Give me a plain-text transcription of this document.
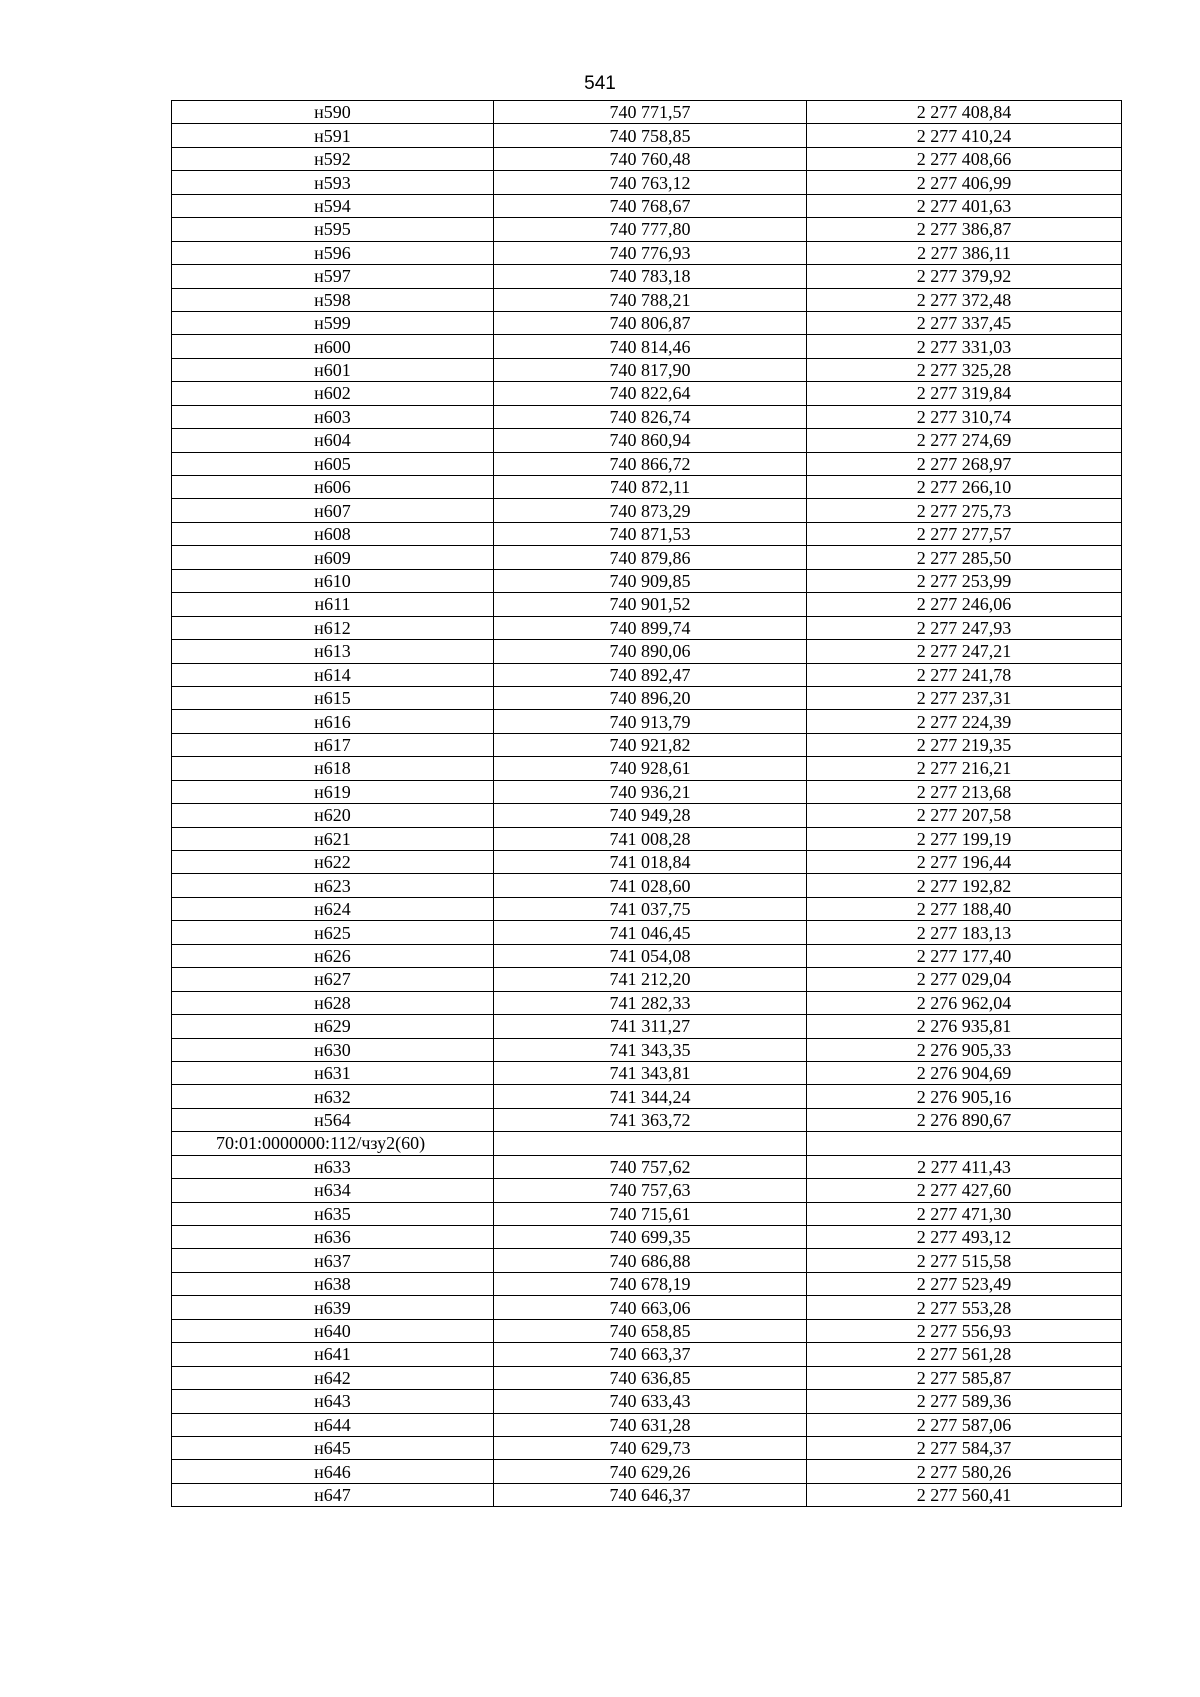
541
н590	740 771,57	2 277 408,84
н591	740 758,85	2 277 410,24
н592	740 760,48	2 277 408,66
н593	740 763,12	2 277 406,99
н594	740 768,67	2 277 401,63
н595	740 777,80	2 277 386,87
н596	740 776,93	2 277 386,11
н597	740 783,18	2 277 379,92
н598	740 788,21	2 277 372,48
н599	740 806,87	2 277 337,45
н600	740 814,46	2 277 331,03
н601	740 817,90	2 277 325,28
н602	740 822,64	2 277 319,84
н603	740 826,74	2 277 310,74
н604	740 860,94	2 277 274,69
н605	740 866,72	2 277 268,97
н606	740 872,11	2 277 266,10
н607	740 873,29	2 277 275,73
н608	740 871,53	2 277 277,57
н609	740 879,86	2 277 285,50
н610	740 909,85	2 277 253,99
н611	740 901,52	2 277 246,06
н612	740 899,74	2 277 247,93
н613	740 890,06	2 277 247,21
н614	740 892,47	2 277 241,78
н615	740 896,20	2 277 237,31
н616	740 913,79	2 277 224,39
н617	740 921,82	2 277 219,35
н618	740 928,61	2 277 216,21
н619	740 936,21	2 277 213,68
н620	740 949,28	2 277 207,58
н621	741 008,28	2 277 199,19
н622	741 018,84	2 277 196,44
н623	741 028,60	2 277 192,82
н624	741 037,75	2 277 188,40
н625	741 046,45	2 277 183,13
н626	741 054,08	2 277 177,40
н627	741 212,20	2 277 029,04
н628	741 282,33	2 276 962,04
н629	741 311,27	2 276 935,81
н630	741 343,35	2 276 905,33
н631	741 343,81	2 276 904,69
н632	741 344,24	2 276 905,16
н564	741 363,72	2 276 890,67
70:01:0000000:112/чзу2(60)		
н633	740 757,62	2 277 411,43
н634	740 757,63	2 277 427,60
н635	740 715,61	2 277 471,30
н636	740 699,35	2 277 493,12
н637	740 686,88	2 277 515,58
н638	740 678,19	2 277 523,49
н639	740 663,06	2 277 553,28
н640	740 658,85	2 277 556,93
н641	740 663,37	2 277 561,28
н642	740 636,85	2 277 585,87
н643	740 633,43	2 277 589,36
н644	740 631,28	2 277 587,06
н645	740 629,73	2 277 584,37
н646	740 629,26	2 277 580,26
н647	740 646,37	2 277 560,41
